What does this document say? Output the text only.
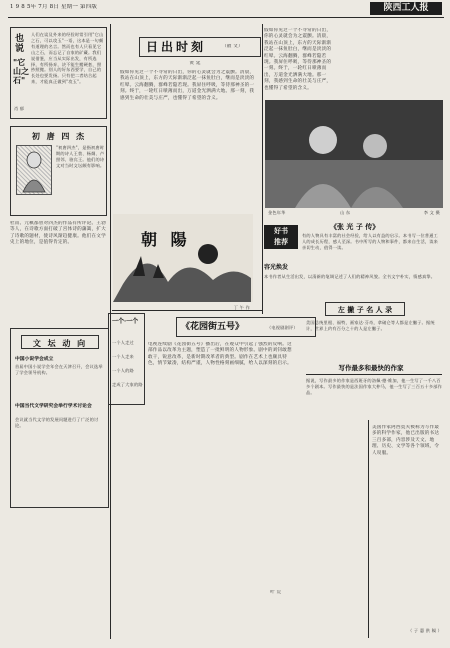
1 9 8 5年 7月 8日 星期一 第四版	陕西工人报
也说
"它山之石"
肖 郁
人们在谈及外来的经验时常引用"它山之石，可以攻玉"一语，这本是一句颇有道理的名言。然而也有人只看见它山之石，而忘记了自家的矿藏。我们说借鉴，应当从实际出发，有所选择，有所扬弃，决不能生搬硬套，照抄照搬。别人的好东西要学，自己的长处也要发扬。只有把二者结合起来，才能真正做到"攻玉"。
初 唐 四 杰
"初唐四杰"，是指初唐时期的诗人王勃、杨炯、卢照邻、骆宾王。他们的诗文对当时文坛颇有影响。
杜甫、元稹都曾对四杰的作品有所评论。王勃等人，在诗歌方面打破了宫体诗的藩篱，扩大了诗歌的题材，使诗风渐趋健康。他们在文学史上的地位，是值得肯定的。
文 坛 动 向
中国小说学会成立
首届中国小说学会年会在天津召开，会议选举了学会领导机构。
中国当代文学研究会举行学术讨论会
会议就当代文学的发展问题进行了广泛的讨论。
日出时刻	（散 文）
黄 延
假如你见过一个不寻常的日出，你的心灵就会为之震颤。清晨，我站在山顶上，东方的天际渐渐泛起一抹鱼肚白，继而是淡淡的红晕。云海翻腾，群峰若隐若现。我屏住呼吸，等待那神圣的一刻。终于，一轮红日喷薄而出，万道金光洒满大地。那一刻，我感到生命的壮美与庄严，也懂得了希望的含义。
朝 陽
丁 午 作
一个·一个
一个人走过
一个人走来
一个人的路
走成了大家的路
《花园街五号》	（电视剧剧评）
电视连续剧《花园街五号》播出后，在观众中引起了强烈的反响。这部作品以改革为主题，塑造了一批鲜明的人物形象。剧中的刘钊敢想敢干，锐意改革，是新时期改革者的典型。剧作在艺术上也颇具特色，情节紧凑，结构严谨，人物性格刻画细腻，给人以深刻的启示。
叶 荒
假如你见过一个不寻常的日出，你的心灵就会为之震颤。清晨，我站在山顶上，东方的天际渐渐泛起一抹鱼肚白，继而是淡淡的红晕。云海翻腾，群峰若隐若现。我屏住呼吸，等待那神圣的一刻。终于，一轮红日喷薄而出，万道金光洒满大地。那一刻，我感到生命的壮美与庄严，也懂得了希望的含义。
金色年华	山 东	李 文 摄
好书
推荐
《张 光 子 传》
有的人物具有丰富的社会经验，给人以有益的启示。本书写一位普通工人的成长历程，感人至深。书中所写的人物和事件，都来自生活，读来亲切生动，值得一读。
容光焕发
本书作者从生活出发，以清新的笔调记述了人们的精神风貌。全书文字朴实，情感真挚。
左 撇 子 名 人 录
美国总统里根、福特，画家达·芬奇，拿破仑等人都是左撇子。据统计，世界上约有百分之十的人是左撇子。
写作最多和最快的作家
据说，写作最多的作家是西班牙的洛佩·德·维加，他一生写了一千八百多个剧本。写作最快的是法国作家大仲马，他一生写了三百五十多部作品。
美国作家阿西莫夫被称为写作最多的科学作家，他已出版的书达三百多部，内容涉及天文、地理、历史、文学等各个领域，令人叹服。
（ 子 惠 供 稿 ）
